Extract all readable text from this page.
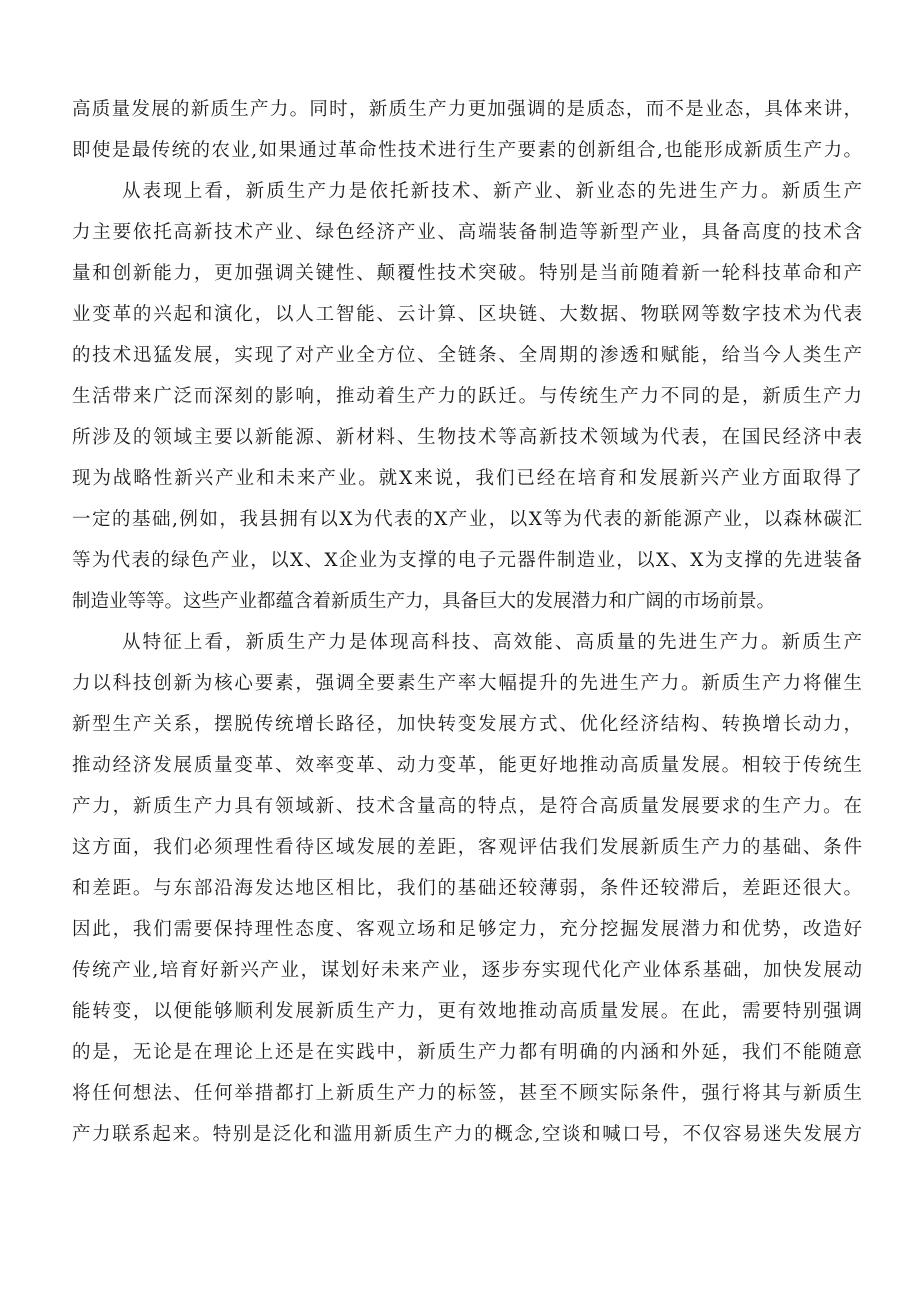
高质量发展的新质生产力。同时，新质生产力更加强调的是质态，而不是业态，具体来讲，
即使是最传统的农业,如果通过革命性技术进行生产要素的创新组合,也能形成新质生产力。
从表现上看，新质生产力是依托新技术、新产业、新业态的先进生产力。新质生产
力主要依托高新技术产业、绿色经济产业、高端装备制造等新型产业，具备高度的技术含
量和创新能力，更加强调关键性、颠覆性技术突破。特别是当前随着新一轮科技革命和产
业变革的兴起和演化，以人工智能、云计算、区块链、大数据、物联网等数字技术为代表
的技术迅猛发展，实现了对产业全方位、全链条、全周期的渗透和赋能，给当今人类生产
生活带来广泛而深刻的影响，推动着生产力的跃迁。与传统生产力不同的是，新质生产力
所涉及的领域主要以新能源、新材料、生物技术等高新技术领域为代表，在国民经济中表
现为战略性新兴产业和未来产业。就X来说，我们已经在培育和发展新兴产业方面取得了
一定的基础,例如，我县拥有以X为代表的X产业，以X等为代表的新能源产业，以森林碳汇
等为代表的绿色产业，以X、X企业为支撑的电子元器件制造业，以X、X为支撑的先进装备
制造业等等。这些产业都蕴含着新质生产力，具备巨大的发展潜力和广阔的市场前景。
从特征上看，新质生产力是体现高科技、高效能、高质量的先进生产力。新质生产
力以科技创新为核心要素，强调全要素生产率大幅提升的先进生产力。新质生产力将催生
新型生产关系，摆脱传统增长路径，加快转变发展方式、优化经济结构、转换增长动力，
推动经济发展质量变革、效率变革、动力变革，能更好地推动高质量发展。相较于传统生
产力，新质生产力具有领域新、技术含量高的特点，是符合高质量发展要求的生产力。在
这方面，我们必须理性看待区域发展的差距，客观评估我们发展新质生产力的基础、条件
和差距。与东部沿海发达地区相比，我们的基础还较薄弱，条件还较滞后，差距还很大。
因此，我们需要保持理性态度、客观立场和足够定力，充分挖掘发展潜力和优势，改造好
传统产业,培育好新兴产业，谋划好未来产业，逐步夯实现代化产业体系基础，加快发展动
能转变，以便能够顺利发展新质生产力，更有效地推动高质量发展。在此，需要特别强调
的是，无论是在理论上还是在实践中，新质生产力都有明确的内涵和外延，我们不能随意
将任何想法、任何举措都打上新质生产力的标签，甚至不顾实际条件，强行将其与新质生
产力联系起来。特别是泛化和滥用新质生产力的概念,空谈和喊口号，不仅容易迷失发展方
